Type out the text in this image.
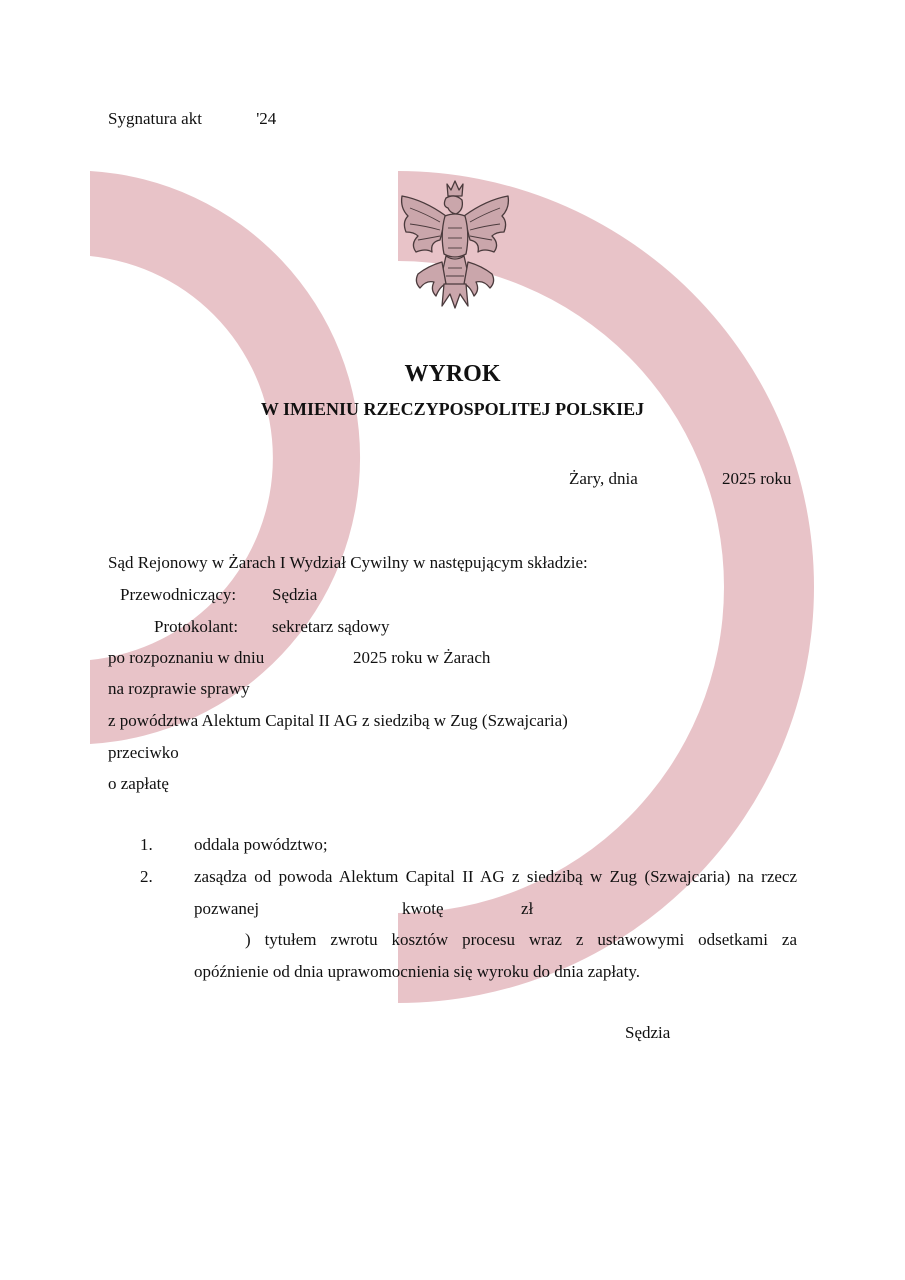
Sygnatura akt	'24
WYROK
W IMIENIU RZECZYPOSPOLITEJ POLSKIEJ
Żary, dnia	2025 roku
Sąd Rejonowy w Żarach I Wydział Cywilny w następującym składzie:
Przewodniczący: Sędzia
Protokolant: sekretarz sądowy
po rozpoznaniu w dniu	2025 roku w Żarach
na rozprawie sprawy
z powództwa Alektum Capital II AG z siedzibą w Zug (Szwajcaria)
przeciwko
o zapłatę
1. oddala powództwo;
2. zasądza od powoda Alektum Capital II AG z siedzibą w Zug (Szwajcaria) na rzecz
pozwanej	kwotę	zł
) tytułem zwrotu kosztów procesu wraz z ustawowymi odsetkami za
opóźnienie od dnia uprawomocnienia się wyroku do dnia zapłaty.
Sędzia
